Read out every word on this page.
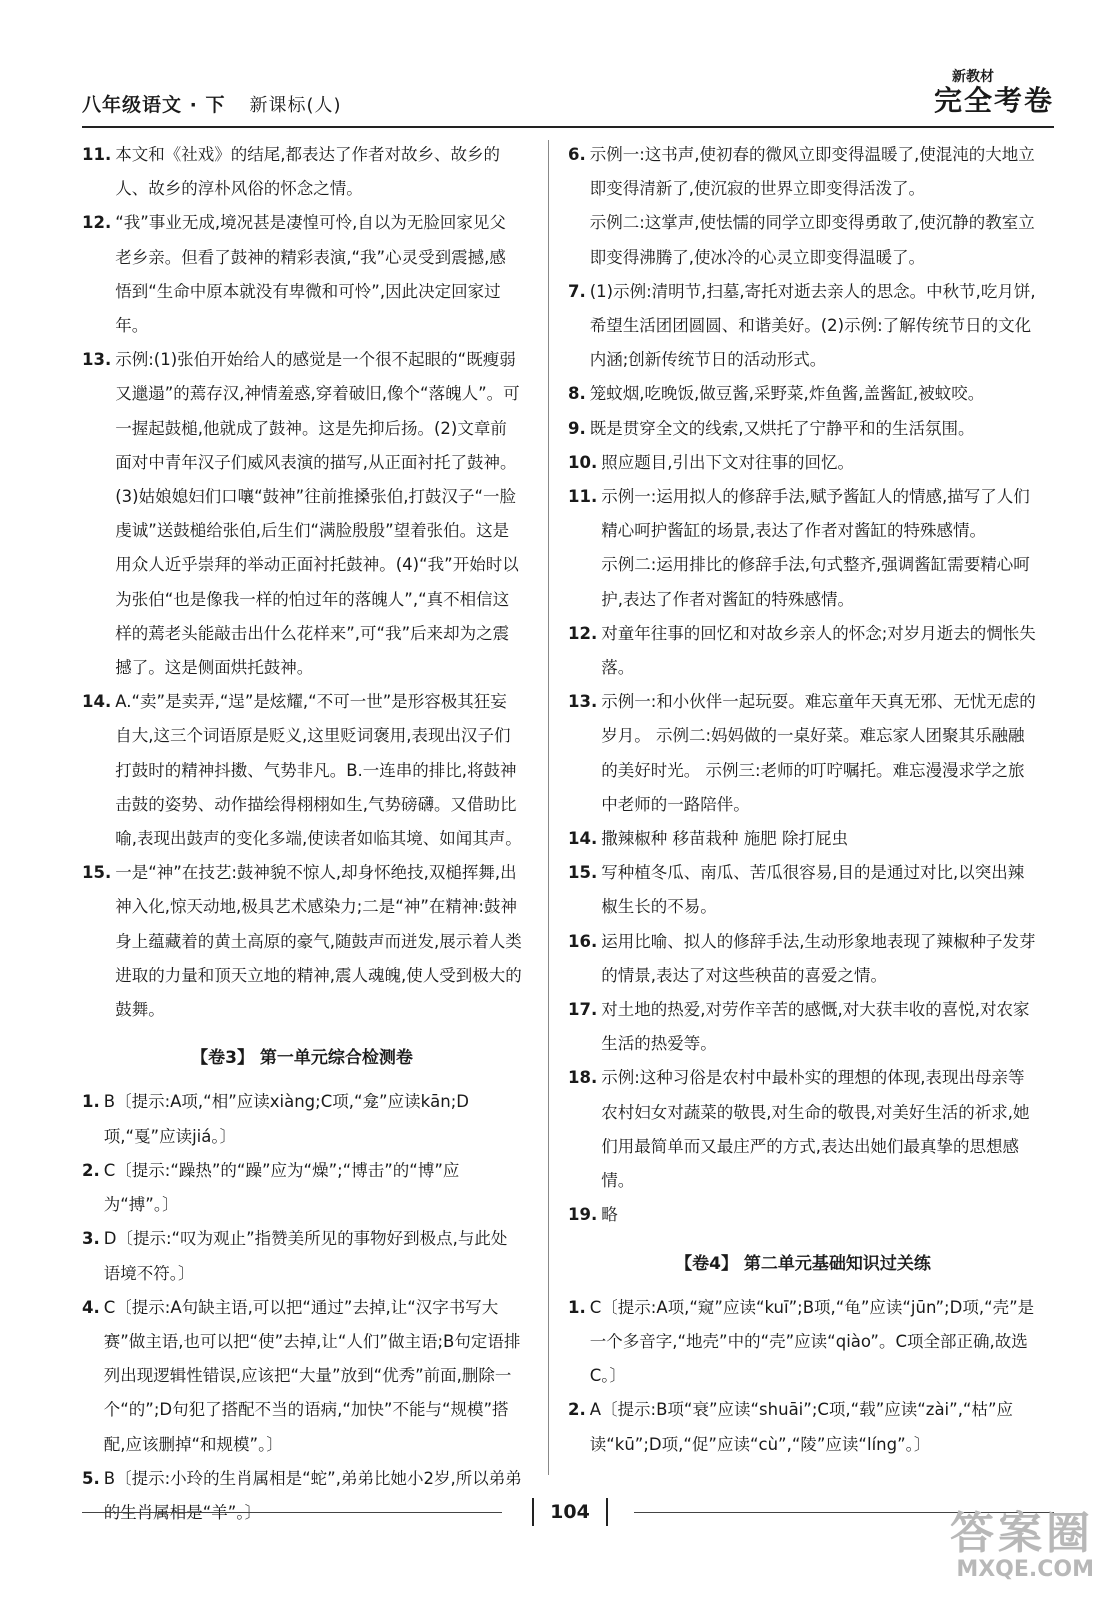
八年级语文 · 下 新课标(人)
新教材
完全考卷
11. 本文和《社戏》的结尾,都表达了作者对故乡、故乡的人、故乡的淳朴风俗的怀念之情。
12. “我”事业无成,境况甚是凄惶可怜,自以为无脸回家见父老乡亲。但看了鼓神的精彩表演,“我”心灵受到震撼,感悟到“生命中原本就没有卑微和可怜”,因此决定回家过年。
13. 示例:(1)张伯开始给人的感觉是一个很不起眼的“既瘦弱又邋遢”的蔫存汉,神情羞惑,穿着破旧,像个“落魄人”。可一握起鼓槌,他就成了鼓神。这是先抑后扬。(2)文章前面对中青年汉子们威风表演的描写,从正面衬托了鼓神。(3)姑娘媳妇们口嚷“鼓神”往前推搡张伯,打鼓汉子“一脸虔诚”送鼓槌给张伯,后生们“满脸殷殷”望着张伯。这是用众人近乎崇拜的举动正面衬托鼓神。(4)“我”开始时以为张伯“也是像我一样的怕过年的落魄人”,“真不相信这样的蔫老头能敲击出什么花样来”,可“我”后来却为之震撼了。这是侧面烘托鼓神。
14. A.“卖”是卖弄,“逞”是炫耀,“不可一世”是形容极其狂妄自大,这三个词语原是贬义,这里贬词褒用,表现出汉子们打鼓时的精神抖擞、气势非凡。B.一连串的排比,将鼓神击鼓的姿势、动作描绘得栩栩如生,气势磅礴。又借助比喻,表现出鼓声的变化多端,使读者如临其境、如闻其声。
15. 一是“神”在技艺:鼓神貌不惊人,却身怀绝技,双槌挥舞,出神入化,惊天动地,极具艺术感染力;二是“神”在精神:鼓神身上蕴藏着的黄土高原的豪气,随鼓声而迸发,展示着人类进取的力量和顶天立地的精神,震人魂魄,使人受到极大的鼓舞。
【卷3】 第一单元综合检测卷
1. B〔提示:A项,“相”应读xiàng;C项,“龛”应读kān;D项,“戛”应读jiá。〕
2. C〔提示:“躁热”的“躁”应为“燥”;“博击”的“博”应为“搏”。〕
3. D〔提示:“叹为观止”指赞美所见的事物好到极点,与此处语境不符。〕
4. C〔提示:A句缺主语,可以把“通过”去掉,让“汉字书写大赛”做主语,也可以把“使”去掉,让“人们”做主语;B句定语排列出现逻辑性错误,应该把“大量”放到“优秀”前面,删除一个“的”;D句犯了搭配不当的语病,“加快”不能与“规模”搭配,应该删掉“和规模”。〕
5. B〔提示:小玲的生肖属相是“蛇”,弟弟比她小2岁,所以弟弟的生肖属相是“羊”。〕
6. 示例一:这书声,使初春的微风立即变得温暖了,使混沌的大地立即变得清新了,使沉寂的世界立即变得活泼了。
示例二:这掌声,使怯懦的同学立即变得勇敢了,使沉静的教室立即变得沸腾了,使冰冷的心灵立即变得温暖了。
7. (1)示例:清明节,扫墓,寄托对逝去亲人的思念。中秋节,吃月饼,希望生活团团圆圆、和谐美好。(2)示例:了解传统节日的文化内涵;创新传统节日的活动形式。
8. 笼蚊烟,吃晚饭,做豆酱,采野菜,炸鱼酱,盖酱缸,被蚊咬。
9. 既是贯穿全文的线索,又烘托了宁静平和的生活氛围。
10. 照应题目,引出下文对往事的回忆。
11. 示例一:运用拟人的修辞手法,赋予酱缸人的情感,描写了人们精心呵护酱缸的场景,表达了作者对酱缸的特殊感情。
示例二:运用排比的修辞手法,句式整齐,强调酱缸需要精心呵护,表达了作者对酱缸的特殊感情。
12. 对童年往事的回忆和对故乡亲人的怀念;对岁月逝去的惆怅失落。
13. 示例一:和小伙伴一起玩耍。难忘童年天真无邪、无忧无虑的岁月。 示例二:妈妈做的一桌好菜。难忘家人团聚其乐融融的美好时光。 示例三:老师的叮咛嘱托。难忘漫漫求学之旅中老师的一路陪伴。
14. 撒辣椒种 移苗栽种 施肥 除打屁虫
15. 写种植冬瓜、南瓜、苦瓜很容易,目的是通过对比,以突出辣椒生长的不易。
16. 运用比喻、拟人的修辞手法,生动形象地表现了辣椒种子发芽的情景,表达了对这些秧苗的喜爱之情。
17. 对土地的热爱,对劳作辛苦的感慨,对大获丰收的喜悦,对农家生活的热爱等。
18. 示例:这种习俗是农村中最朴实的理想的体现,表现出母亲等农村妇女对蔬菜的敬畏,对生命的敬畏,对美好生活的祈求,她们用最简单而又最庄严的方式,表达出她们最真挚的思想感情。
19. 略
【卷4】 第二单元基础知识过关练
1. C〔提示:A项,“窥”应读“kuī”;B项,“龟”应读“jūn”;D项,“壳”是一个多音字,“地壳”中的“壳”应读“qiào”。C项全部正确,故选C。〕
2. A〔提示:B项“衰”应读“shuāi”;C项,“载”应读“zài”,“枯”应读“kū”;D项,“促”应读“cù”,“陵”应读“líng”。〕
104	答案圈
MXQE.COM
